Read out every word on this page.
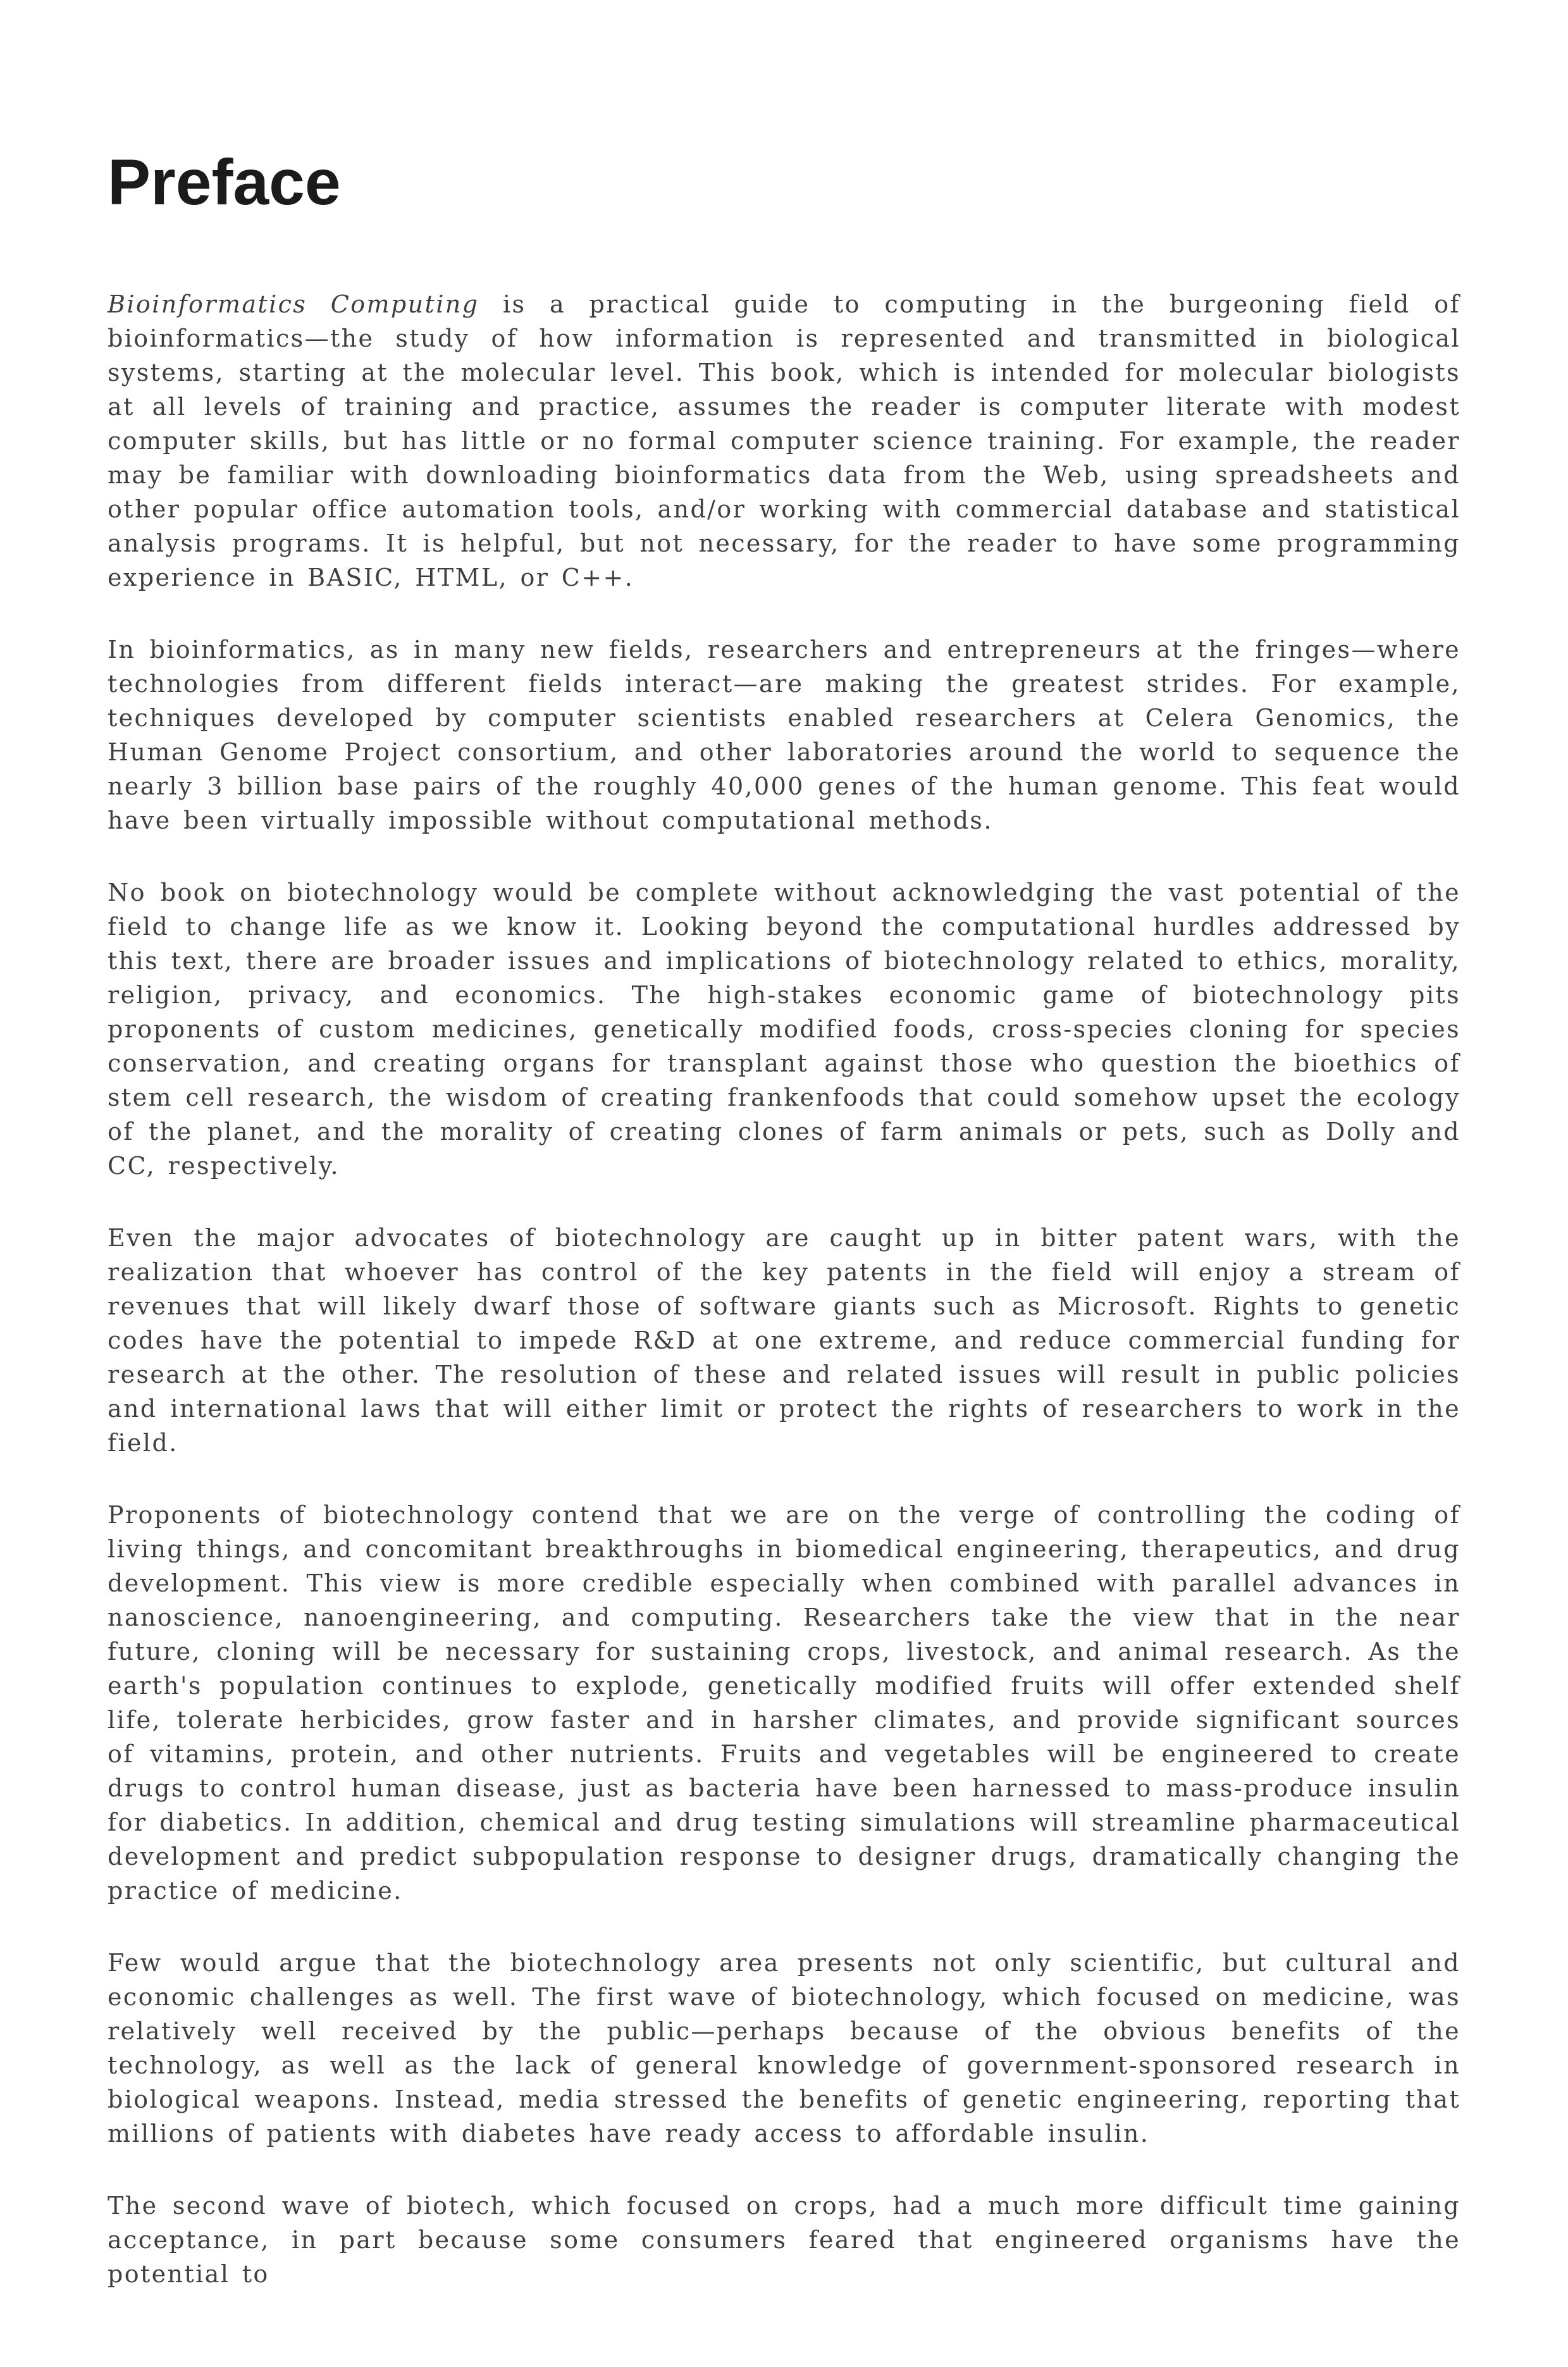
Preface

Bioinformatics Computing is a practical guide to computing in the burgeoning field of bioinformatics—the study of how information is represented and transmitted in biological systems, starting at the molecular level. This book, which is intended for molecular biologists at all levels of training and practice, assumes the reader is computer literate with modest computer skills, but has little or no formal computer science training. For example, the reader may be familiar with downloading bioinformatics data from the Web, using spreadsheets and other popular office automation tools, and/or working with commercial database and statistical analysis programs. It is helpful, but not necessary, for the reader to have some programming experience in BASIC, HTML, or C++.

In bioinformatics, as in many new fields, researchers and entrepreneurs at the fringes—where technologies from different fields interact—are making the greatest strides. For example, techniques developed by computer scientists enabled researchers at Celera Genomics, the Human Genome Project consortium, and other laboratories around the world to sequence the nearly 3 billion base pairs of the roughly 40,000 genes of the human genome. This feat would have been virtually impossible without computational methods.

No book on biotechnology would be complete without acknowledging the vast potential of the field to change life as we know it. Looking beyond the computational hurdles addressed by this text, there are broader issues and implications of biotechnology related to ethics, morality, religion, privacy, and economics. The high-stakes economic game of biotechnology pits proponents of custom medicines, genetically modified foods, cross-species cloning for species conservation, and creating organs for transplant against those who question the bioethics of stem cell research, the wisdom of creating frankenfoods that could somehow upset the ecology of the planet, and the morality of creating clones of farm animals or pets, such as Dolly and CC, respectively.

Even the major advocates of biotechnology are caught up in bitter patent wars, with the realization that whoever has control of the key patents in the field will enjoy a stream of revenues that will likely dwarf those of software giants such as Microsoft. Rights to genetic codes have the potential to impede R&D at one extreme, and reduce commercial funding for research at the other. The resolution of these and related issues will result in public policies and international laws that will either limit or protect the rights of researchers to work in the field.

Proponents of biotechnology contend that we are on the verge of controlling the coding of living things, and concomitant breakthroughs in biomedical engineering, therapeutics, and drug development. This view is more credible especially when combined with parallel advances in nanoscience, nanoengineering, and computing. Researchers take the view that in the near future, cloning will be necessary for sustaining crops, livestock, and animal research. As the earth's population continues to explode, genetically modified fruits will offer extended shelf life, tolerate herbicides, grow faster and in harsher climates, and provide significant sources of vitamins, protein, and other nutrients. Fruits and vegetables will be engineered to create drugs to control human disease, just as bacteria have been harnessed to mass-produce insulin for diabetics. In addition, chemical and drug testing simulations will streamline pharmaceutical development and predict subpopulation response to designer drugs, dramatically changing the practice of medicine.

Few would argue that the biotechnology area presents not only scientific, but cultural and economic challenges as well. The first wave of biotechnology, which focused on medicine, was relatively well received by the public—perhaps because of the obvious benefits of the technology, as well as the lack of general knowledge of government-sponsored research in biological weapons. Instead, media stressed the benefits of genetic engineering, reporting that millions of patients with diabetes have ready access to affordable insulin.

The second wave of biotech, which focused on crops, had a much more difficult time gaining acceptance, in part because some consumers feared that engineered organisms have the potential to
